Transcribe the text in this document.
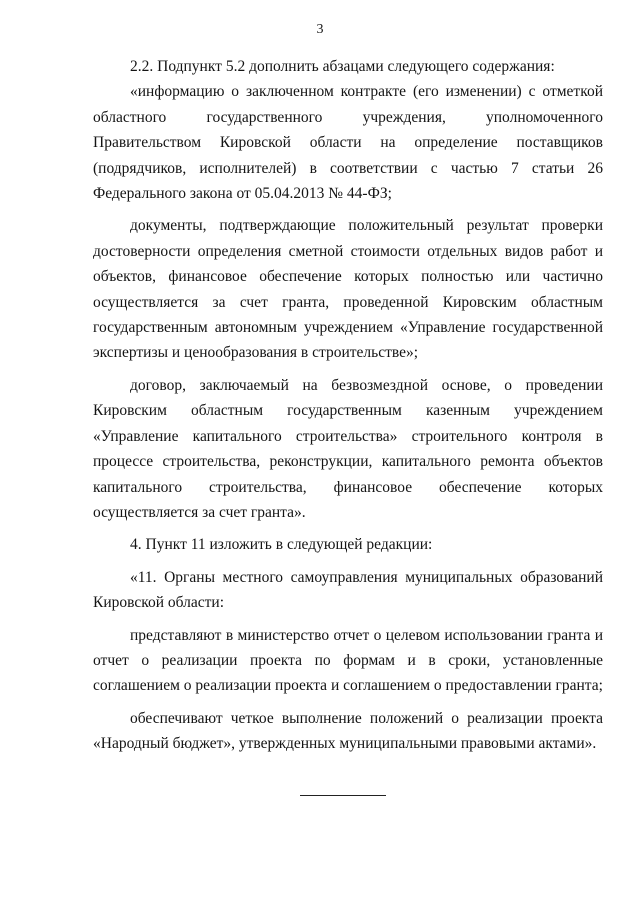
3

2.2. Подпункт 5.2 дополнить абзацами следующего содержания:

«информацию о заключенном контракте (его изменении) с отметкой областного государственного учреждения, уполномоченного Правительством Кировской области на определение поставщиков (подрядчиков, исполнителей) в соответствии с частью 7 статьи 26 Федерального закона от 05.04.2013 № 44-ФЗ;

документы, подтверждающие положительный результат проверки достоверности определения сметной стоимости отдельных видов работ и объектов, финансовое обеспечение которых полностью или частично осуществляется за счет гранта, проведенной Кировским областным государственным автономным учреждением «Управление государственной экспертизы и ценообразования в строительстве»;

договор, заключаемый на безвозмездной основе, о проведении Кировским областным государственным казенным учреждением «Управление капитального строительства» строительного контроля в процессе строительства, реконструкции, капитального ремонта объектов капитального строительства, финансовое обеспечение которых осуществляется за счет гранта».

4. Пункт 11 изложить в следующей редакции:

«11. Органы местного самоуправления муниципальных образований Кировской области:

представляют в министерство отчет о целевом использовании гранта и отчет о реализации проекта по формам и в сроки, установленные соглашением о реализации проекта и соглашением о предоставлении гранта;

обеспечивают четкое выполнение положений о реализации проекта «Народный бюджет», утвержденных муниципальными правовыми актами».
